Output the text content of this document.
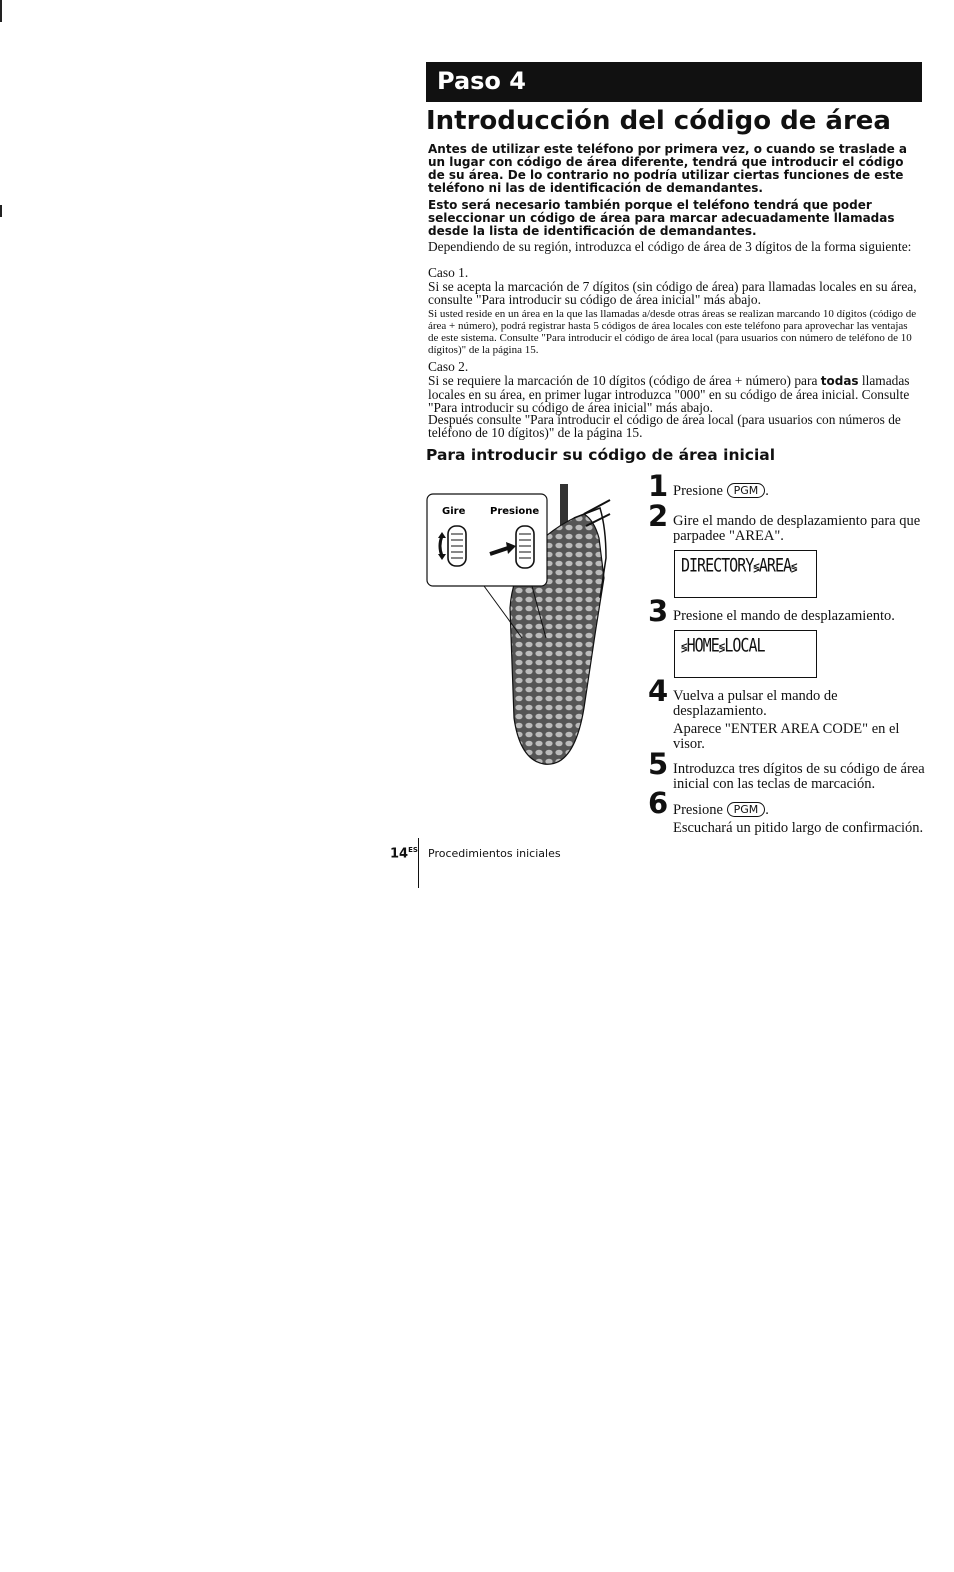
Paso 4
Introducción del código de área

Antes de utilizar este teléfono por primera vez, o cuando se traslade a un lugar con código de área diferente, tendrá que introducir el código de su área. De lo contrario no podría utilizar ciertas funciones de este teléfono ni las de identificación de demandantes.

Esto será necesario también porque el teléfono tendrá que poder seleccionar un código de área para marcar adecuadamente llamadas desde la lista de identificación de demandantes.

Dependiendo de su región, introduzca el código de área de 3 dígitos de la forma siguiente:

Caso 1.

Si se acepta la marcación de 7 dígitos (sin código de área) para llamadas locales en su área, consulte "Para introducir su código de área inicial" más abajo.

Si usted reside en un área en la que las llamadas a/desde otras áreas se realizan marcando 10 dígitos (código de área + número), podrá registrar hasta 5 códigos de área locales con este teléfono para aprovechar las ventajas de este sistema. Consulte "Para introducir el código de área local (para usuarios con número de teléfono de 10 dígitos)" de la página 15.

Caso 2.

Si se requiere la marcación de 10 dígitos (código de área + número) para todas llamadas locales en su área, en primer lugar introduzca "000" en su código de área inicial. Consulte "Para introducir su código de área inicial" más abajo.

Después consulte "Para introducir el código de área local (para usuarios con números de teléfono de 10 dígitos)" de la página 15.

Para introducir su código de área inicial
Gire Presione
1 Presione PGM .
2 Gire el mando de desplazamiento para que parpadee "AREA".
DIRECTORY≶AREA≶
3 Presione el mando de desplazamiento.
≶HOME≶LOCAL
4 Vuelva a pulsar el mando de desplazamiento.
Aparece "ENTER AREA CODE" en el visor.
5 Introduzca tres dígitos de su código de área inicial con las teclas de marcación.
6 Presione PGM .
Escuchará un pitido largo de confirmación.
$14^{ES}$ Procedimientos iniciales
